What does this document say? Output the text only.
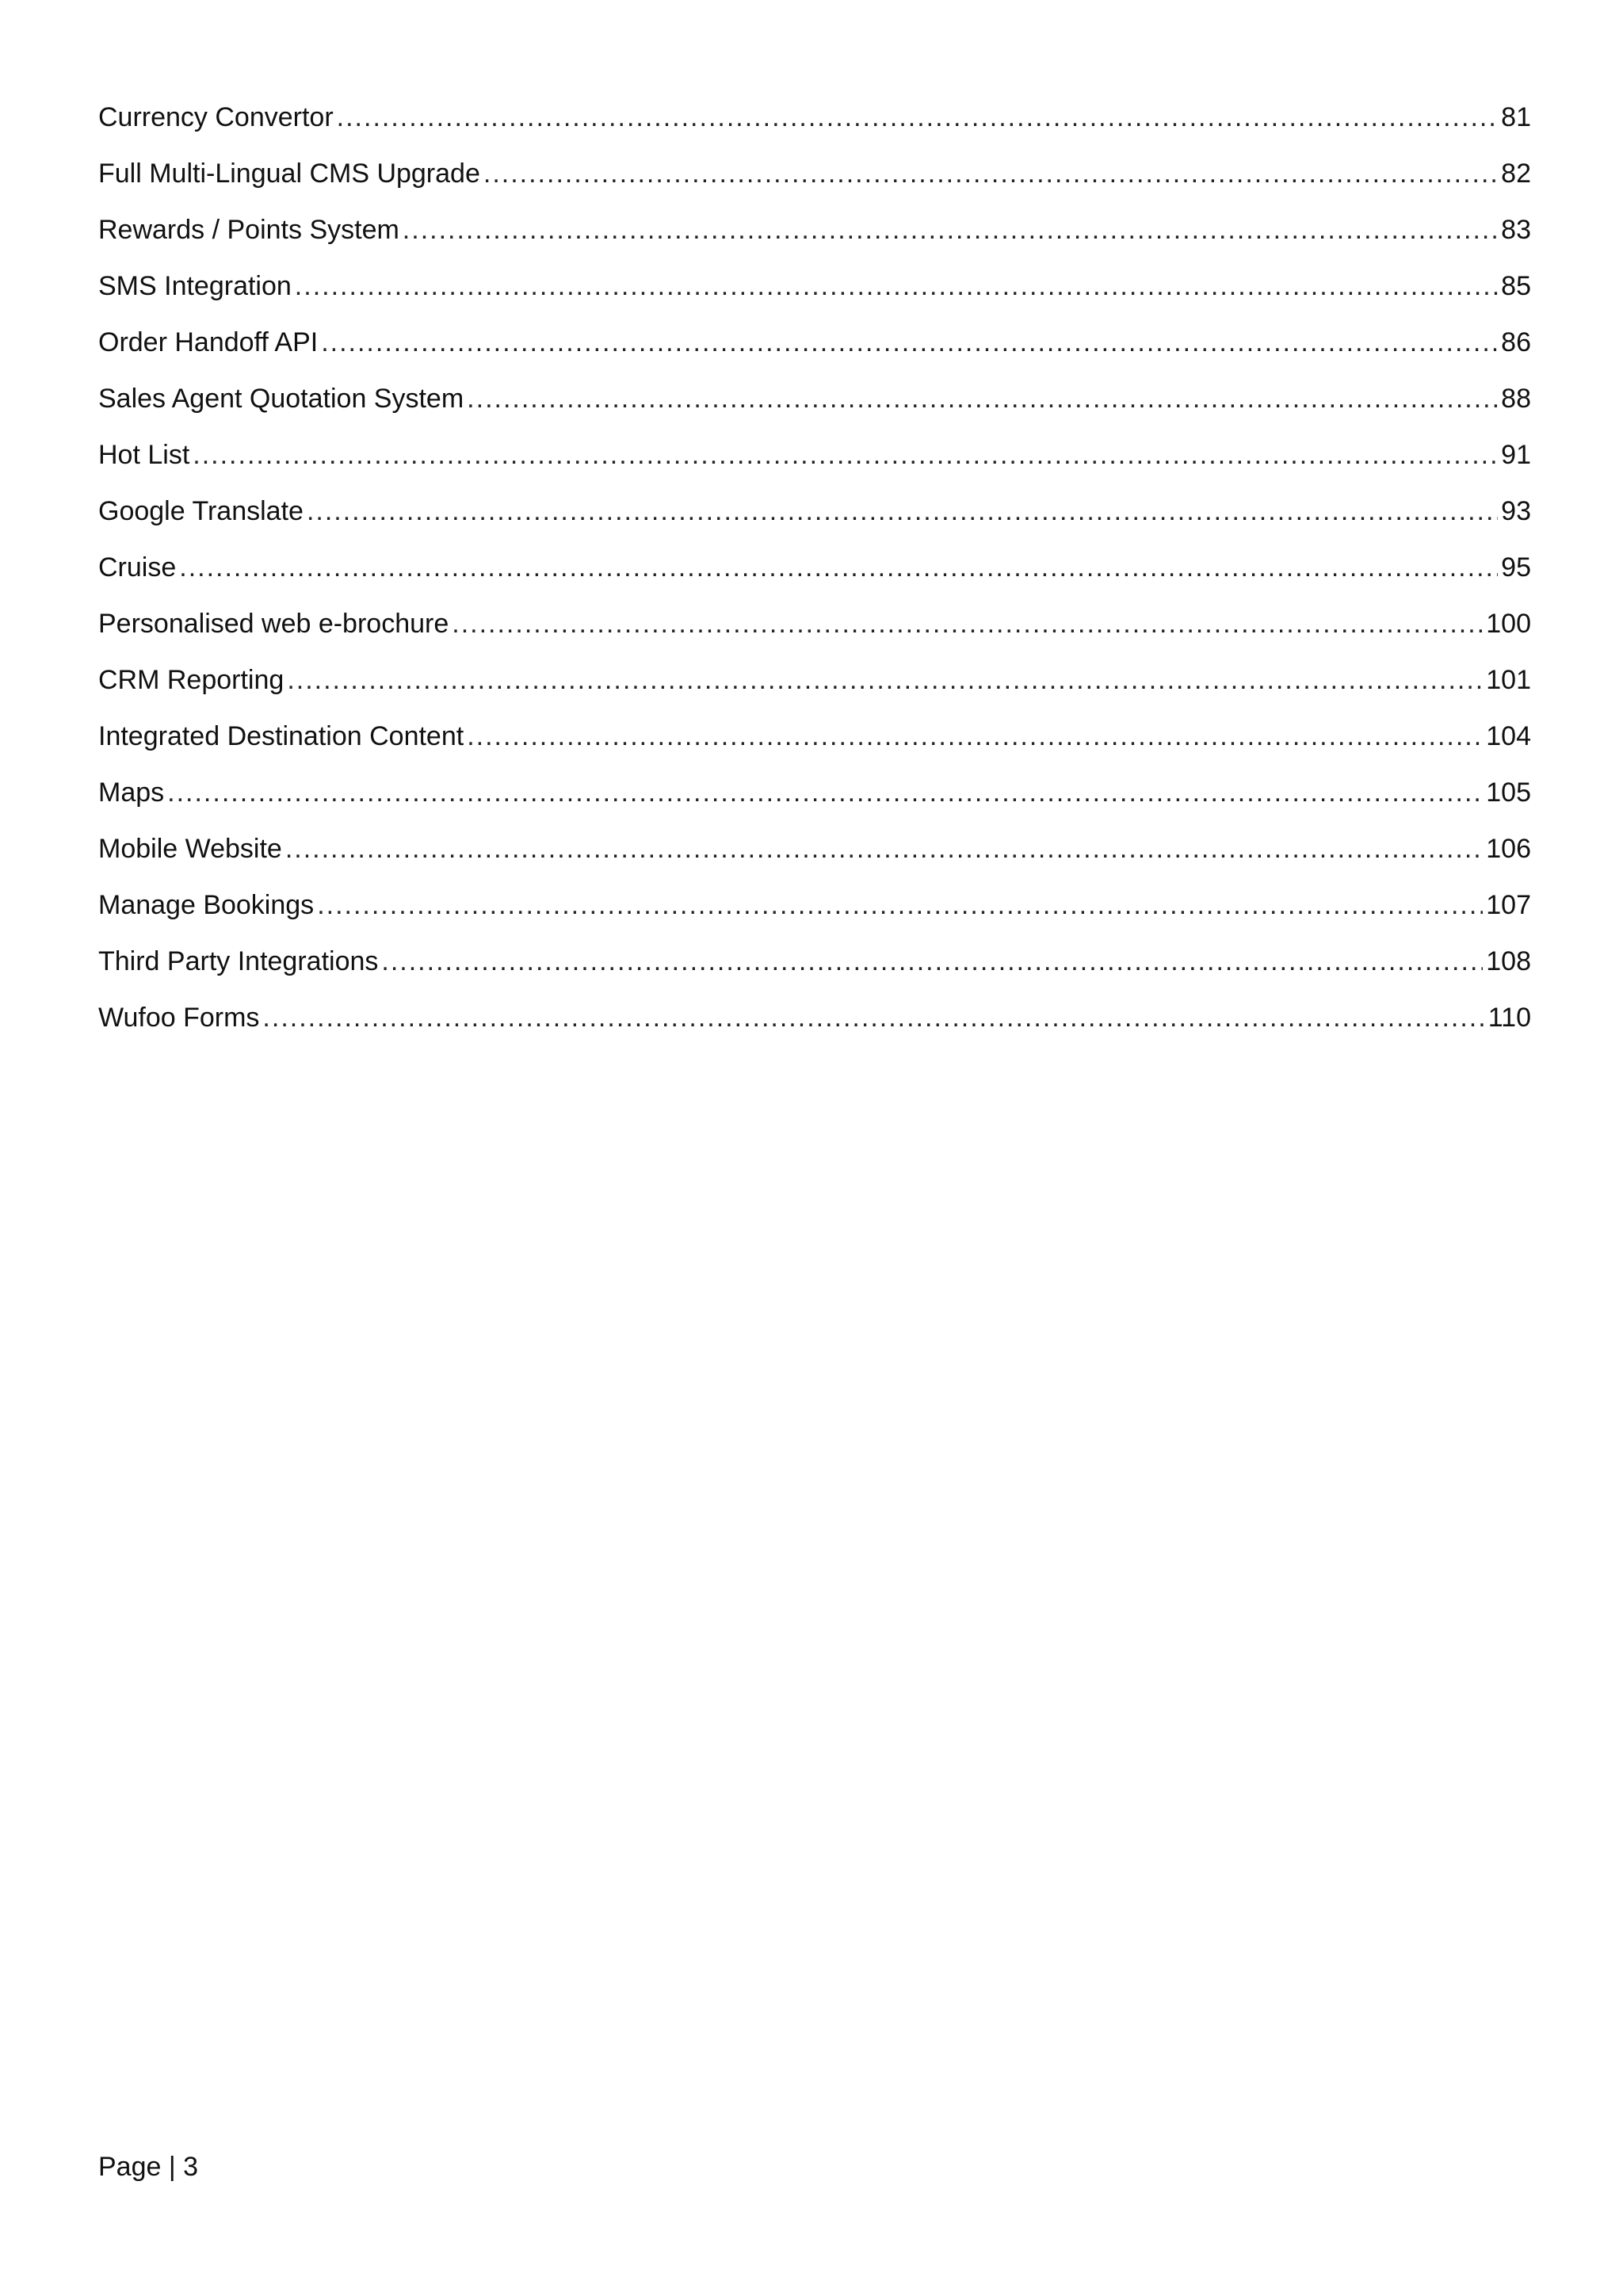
Currency Convertor .....	81
Full Multi-Lingual CMS Upgrade .....	82
Rewards / Points System .....	83
SMS Integration .....	85
Order Handoff API .....	86
Sales Agent Quotation System .....	88
Hot List .....	91
Google Translate .....	93
Cruise .....	95
Personalised web e-brochure .....	100
CRM Reporting .....	101
Integrated Destination Content .....	104
Maps .....	105
Mobile Website .....	106
Manage Bookings .....	107
Third Party Integrations .....	108
Wufoo Forms .....	110
Page | 3
